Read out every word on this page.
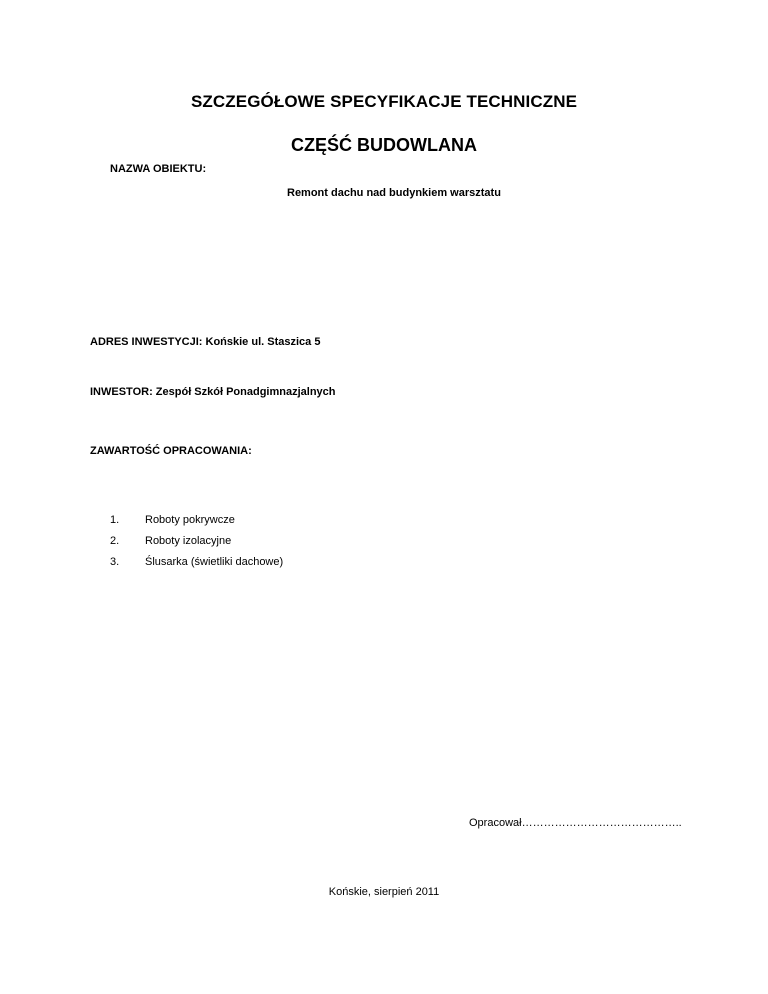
SZCZEGÓŁOWE SPECYFIKACJE TECHNICZNE
CZĘŚĆ BUDOWLANA
NAZWA OBIEKTU:
Remont dachu nad budynkiem warsztatu
ADRES INWESTYCJI: Końskie ul. Staszica 5
INWESTOR: Zespół Szkół Ponadgimnazjalnych
ZAWARTOŚĆ OPRACOWANIA:
1. Roboty pokrywcze
2. Roboty izolacyjne
3. Ślusarka (świetliki dachowe)
Opracował……………………………………..
Końskie, sierpień 2011
